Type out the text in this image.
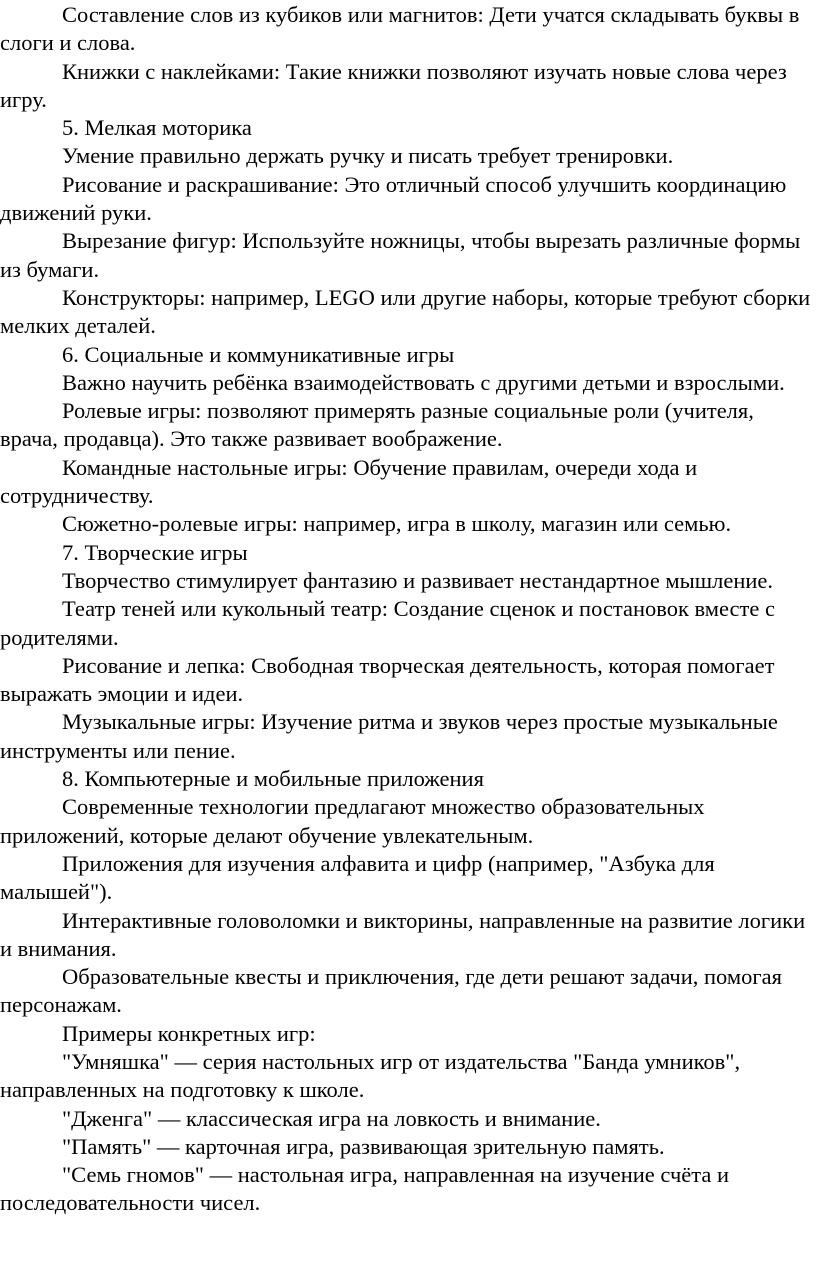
Составление слов из кубиков или магнитов: Дети учатся складывать буквы в слоги и слова.

Книжки с наклейками: Такие книжки позволяют изучать новые слова через игру.

5. Мелкая моторика

Умение правильно держать ручку и писать требует тренировки.

Рисование и раскрашивание: Это отличный способ улучшить координацию движений руки.

Вырезание фигур: Используйте ножницы, чтобы вырезать различные формы из бумаги.

Конструкторы: например, LEGO или другие наборы, которые требуют сборки мелких деталей.

6. Социальные и коммуникативные игры

Важно научить ребёнка взаимодействовать с другими детьми и взрослыми.

Ролевые игры: позволяют примерять разные социальные роли (учителя, врача, продавца). Это также развивает воображение.

Командные настольные игры: Обучение правилам, очереди хода и сотрудничеству.

Сюжетно-ролевые игры: например, игра в школу, магазин или семью.

7. Творческие игры

Творчество стимулирует фантазию и развивает нестандартное мышление.

Театр теней или кукольный театр: Создание сценок и постановок вместе с родителями.

Рисование и лепка: Свободная творческая деятельность, которая помогает выражать эмоции и идеи.

Музыкальные игры: Изучение ритма и звуков через простые музыкальные инструменты или пение.

8. Компьютерные и мобильные приложения

Современные технологии предлагают множество образовательных приложений, которые делают обучение увлекательным.

Приложения для изучения алфавита и цифр (например, "Азбука для малышей").

Интерактивные головоломки и викторины, направленные на развитие логики и внимания.

Образовательные квесты и приключения, где дети решают задачи, помогая персонажам.

Примеры конкретных игр:

"Умняшка" — серия настольных игр от издательства "Банда умников", направленных на подготовку к школе.

"Дженга" — классическая игра на ловкость и внимание.

"Память" — карточная игра, развивающая зрительную память.

"Семь гномов" — настольная игра, направленная на изучение счёта и последовательности чисел.
